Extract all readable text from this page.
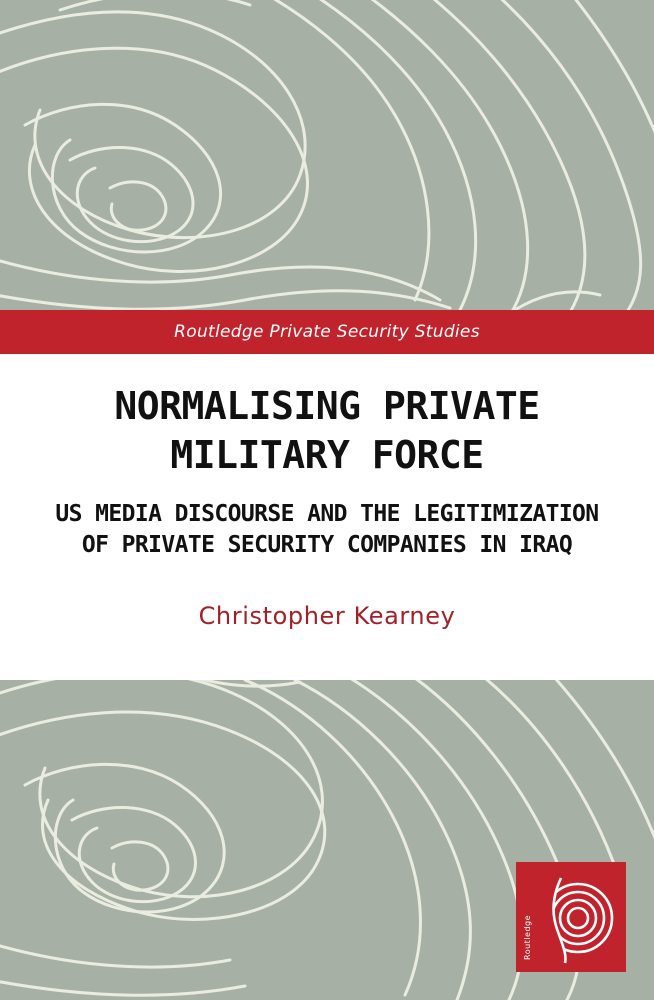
Routledge Private Security Studies
NORMALISING PRIVATE
MILITARY FORCE
US MEDIA DISCOURSE AND THE LEGITIMIZATION
OF PRIVATE SECURITY COMPANIES IN IRAQ
Christopher Kearney
Routledge
